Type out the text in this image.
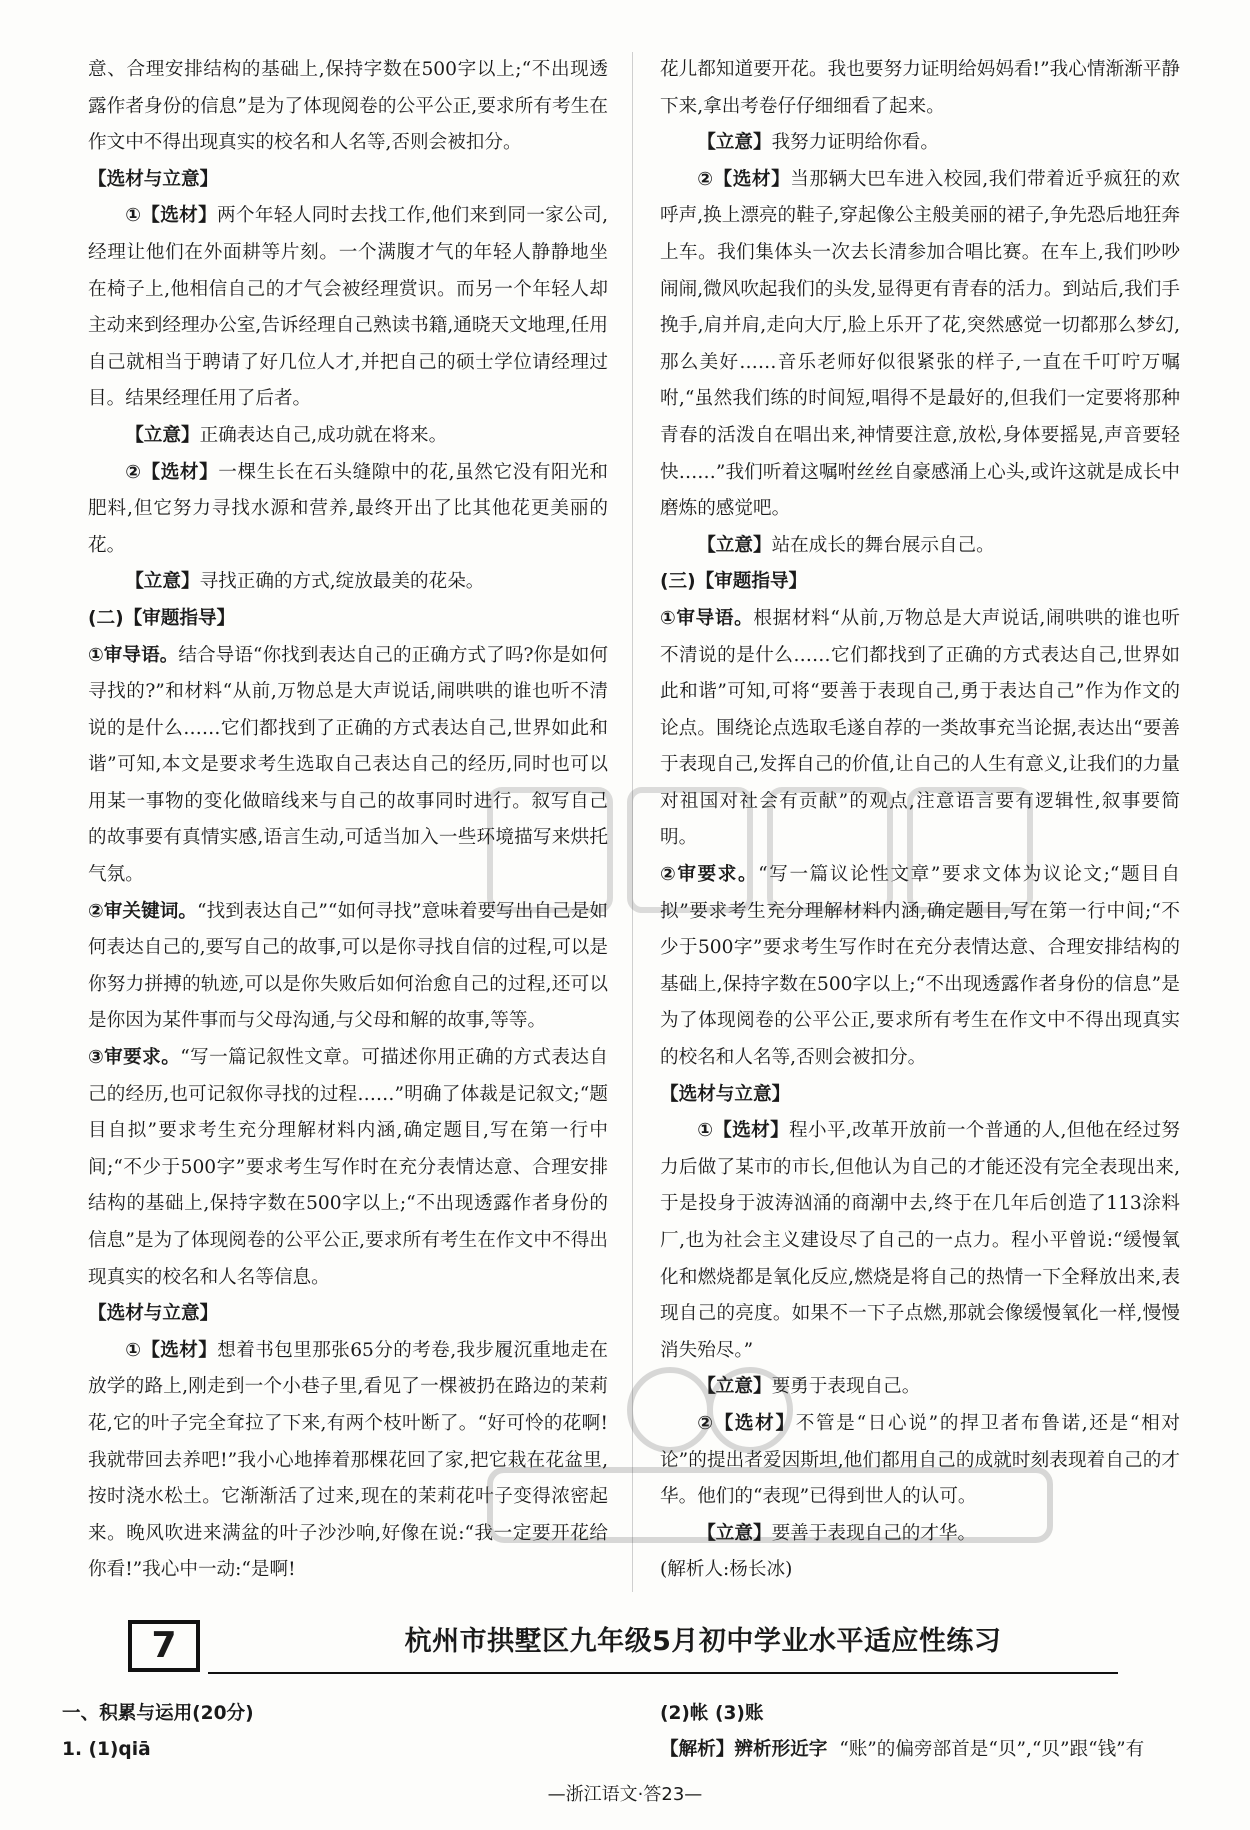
意、合理安排结构的基础上,保持字数在500字以上;“不出现透露作者身份的信息”是为了体现阅卷的公平公正,要求所有考生在作文中不得出现真实的校名和人名等,否则会被扣分。

【选材与立意】

①【选材】两个年轻人同时去找工作,他们来到同一家公司,经理让他们在外面耕等片刻。一个满腹才气的年轻人静静地坐在椅子上,他相信自己的才气会被经理赏识。而另一个年轻人却主动来到经理办公室,告诉经理自己熟读书籍,通晓天文地理,任用自己就相当于聘请了好几位人才,并把自己的硕士学位请经理过目。结果经理任用了后者。

【立意】正确表达自己,成功就在将来。

②【选材】一棵生长在石头缝隙中的花,虽然它没有阳光和肥料,但它努力寻找水源和营养,最终开出了比其他花更美丽的花。

【立意】寻找正确的方式,绽放最美的花朵。

(二)【审题指导】

①审导语。结合导语“你找到表达自己的正确方式了吗?你是如何寻找的?”和材料“从前,万物总是大声说话,闹哄哄的谁也听不清说的是什么……它们都找到了正确的方式表达自己,世界如此和谐”可知,本文是要求考生选取自己表达自己的经历,同时也可以用某一事物的变化做暗线来与自己的故事同时进行。叙写自己的故事要有真情实感,语言生动,可适当加入一些环境描写来烘托气氛。

②审关键词。“找到表达自己”“如何寻找”意味着要写出自己是如何表达自己的,要写自己的故事,可以是你寻找自信的过程,可以是你努力拼搏的轨迹,可以是你失败后如何治愈自己的过程,还可以是你因为某件事而与父母沟通,与父母和解的故事,等等。

③审要求。“写一篇记叙性文章。可描述你用正确的方式表达自己的经历,也可记叙你寻找的过程……”明确了体裁是记叙文;“题目自拟”要求考生充分理解材料内涵,确定题目,写在第一行中间;“不少于500字”要求考生写作时在充分表情达意、合理安排结构的基础上,保持字数在500字以上;“不出现透露作者身份的信息”是为了体现阅卷的公平公正,要求所有考生在作文中不得出现真实的校名和人名等信息。

【选材与立意】

①【选材】想着书包里那张65分的考卷,我步履沉重地走在放学的路上,刚走到一个小巷子里,看见了一棵被扔在路边的茉莉花,它的叶子完全耷拉了下来,有两个枝叶断了。“好可怜的花啊!我就带回去养吧!”我小心地捧着那棵花回了家,把它栽在花盆里,按时浇水松土。它渐渐活了过来,现在的茉莉花叶子变得浓密起来。晚风吹进来满盆的叶子沙沙响,好像在说:“我一定要开花给你看!”我心中一动:“是啊!

花儿都知道要开花。我也要努力证明给妈妈看!”我心情渐渐平静下来,拿出考卷仔仔细细看了起来。

【立意】我努力证明给你看。

②【选材】当那辆大巴车进入校园,我们带着近乎疯狂的欢呼声,换上漂亮的鞋子,穿起像公主般美丽的裙子,争先恐后地狂奔上车。我们集体头一次去长清参加合唱比赛。在车上,我们吵吵闹闹,微风吹起我们的头发,显得更有青春的活力。到站后,我们手挽手,肩并肩,走向大厅,脸上乐开了花,突然感觉一切都那么梦幻,那么美好……音乐老师好似很紧张的样子,一直在千叮咛万嘱咐,“虽然我们练的时间短,唱得不是最好的,但我们一定要将那种青春的活泼自在唱出来,神情要注意,放松,身体要摇晃,声音要轻快……”我们听着这嘱咐丝丝自豪感涌上心头,或许这就是成长中磨炼的感觉吧。

【立意】站在成长的舞台展示自己。

(三)【审题指导】

①审导语。根据材料“从前,万物总是大声说话,闹哄哄的谁也听不清说的是什么……它们都找到了正确的方式表达自己,世界如此和谐”可知,可将“要善于表现自己,勇于表达自己”作为作文的论点。围绕论点选取毛遂自荐的一类故事充当论据,表达出“要善于表现自己,发挥自己的价值,让自己的人生有意义,让我们的力量对祖国对社会有贡献”的观点,注意语言要有逻辑性,叙事要简明。

②审要求。“写一篇议论性文章”要求文体为议论文;“题目自拟”要求考生充分理解材料内涵,确定题目,写在第一行中间;“不少于500字”要求考生写作时在充分表情达意、合理安排结构的基础上,保持字数在500字以上;“不出现透露作者身份的信息”是为了体现阅卷的公平公正,要求所有考生在作文中不得出现真实的校名和人名等,否则会被扣分。

【选材与立意】

①【选材】程小平,改革开放前一个普通的人,但他在经过努力后做了某市的市长,但他认为自己的才能还没有完全表现出来,于是投身于波涛汹涌的商潮中去,终于在几年后创造了113涂料厂,也为社会主义建设尽了自己的一点力。程小平曾说:“缓慢氧化和燃烧都是氧化反应,燃烧是将自己的热情一下全释放出来,表现自己的亮度。如果不一下子点燃,那就会像缓慢氧化一样,慢慢消失殆尽。”

【立意】要勇于表现自己。

②【选材】不管是“日心说”的捍卫者布鲁诺,还是“相对论”的提出者爱因斯坦,他们都用自己的成就时刻表现着自己的才华。他们的“表现”已得到世人的认可。

【立意】要善于表现自己的才华。

(解析人:杨长冰)

7	杭州市拱墅区九年级5月初中学业水平适应性练习

一、积累与运用(20分)

1. (1)qiā

(2)帐 (3)账

【解析】辨析形近字 “账”的偏旁部首是“贝”,“贝”跟“钱”有

—浙江语文·答23—
